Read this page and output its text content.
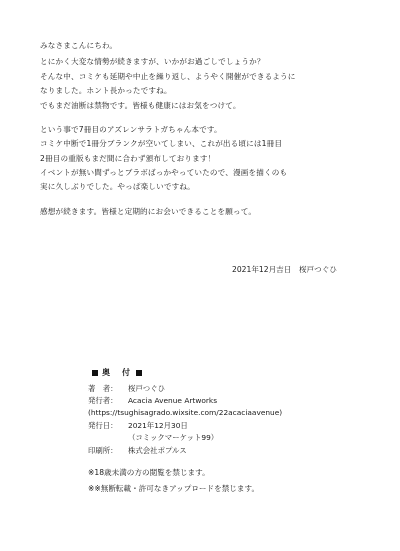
みなさまこんにちわ。
とにかく大変な情勢が続きますが、いかがお過ごしでしょうか？
そんな中、コミケも延期や中止を繰り返し、ようやく開催ができるように
なりました。ホント長かったですね。
でもまだ油断は禁物です。皆様も健康にはお気をつけて。
という事で7冊目のアズレンサラトガちゃん本です。
コミケ中断で1冊分ブランクが空いてしまい、これが出る頃には1冊目
2冊目の重版もまだ間に合わず頒布しております！
イベントが無い間ずっとブラボばっかやっていたので、漫画を描くのも
実に久しぶりでした。やっぱ楽しいですね。
感想が続きます。皆様と定期的にお会いできることを願って。
2021年12月吉日　桜戸つぐひ
奥　付
著　者： 桜戸つぐひ
発行者： Acacia Avenue Artworks
(https://tsughisagrado.wixsite.com/22acaciaavenue)
発行日： 2021年12月30日
（コミックマーケット99）
印刷所： 株式会社ポプルス
※18歳未満の方の閲覧を禁じます。
※※無断転載・許可なきアップロードを禁じます。
